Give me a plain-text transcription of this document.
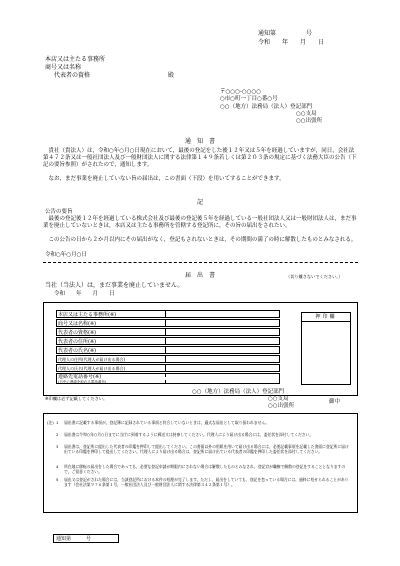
通知第　　　　　号
令和　　年　　月　　日
本店又は主たる事務所
商号又は名称
代表者の資格	殿
〒○○○-○○○○
○市○町一丁目○番○号
○○（地方）法務局（法人）登記部門
○○支局
○○出張所
通　知　書
　貴社（貴法人）は，令和○年○月○日現在において，最後の登記をした後１２年又は５年を経過していますが，同日，会社法第４７２条又は一般社団法人及び一般財団法人に関する法律第１４９条若しくは第２０３条の規定に基づく法務大臣の公告（下記の要旨参照）がされたので，通知します。
　なお，まだ事業を廃止していない旨の届出は，この書面（下段）を用いてすることができます。
記
公告の要旨
　最後の登記後１２年を経過している株式会社及び最後の登記後５年を経過している一般社団法人又は一般財団法人は，まだ事業を廃止していないときは，本店又は主たる事務所を管轄する登記所に，その旨の届出をされたい。
　この公告の日から２か月以内にその届出がなく，登記もされないときは，その期間の満了の時に解散したものとみなされる。
令和○年○月○日
届　出　書	（切り離さないでください。）
当社（当法人）は，まだ事業を廃止していません。
令和　　年　　月　　日
本店又は主たる事務所(※)
商号又は名称(※)
代表者の資格(※)
代表者の住所(※)
代表者の氏名(※)
代理人の住所(代理人が届け出る場合)
代理人の氏名(代理人が届け出る場合)
連絡先電話番号(※)
(日中に連絡を取れる電話番号)
押印欄
※印欄は必ず記載してください。
○○（地方）法務局（法人）登記部門
○○支局	御中
○○出張所
(注) 1 届出書に記載する事項が，登記簿に記録されている事項と符合していないときは，適式な届出として取り扱われません。
2 届出書は令和○年○月○日までに当庁に到着するように郵送又は持参してください。代理人により届け出る場合には，委任状を添付してください。
3 届出書は，登記所に提出した代表者の印鑑を押印して提出してください。この書面以外の用紙を用いて届け出る場合には，必要記載事項を記載した書面に登記所に届け出ている印鑑を押印して提出してください。代理人により届け出る場合は，登記所に届け出ている代表者の印鑑を押印した委任状を添付してください。
4 所在地に移転の届出をした場合であっても，必要な登記申請が期限内にされない場合は解散したものとみなされ，登記官が職権で解散の登記をすることとなりますので，ご留意ください。
5 届出又は登記がされた場合には，当該登記所における本件の処理が完了します。ただし，届出をしていても，登記を怠っている場合には，過料に処せられることがあります（会社法第９７６条第１号，一般社団法人及び一般財団法人に関する法律第３４２条第１号）。
通知第　　　号
